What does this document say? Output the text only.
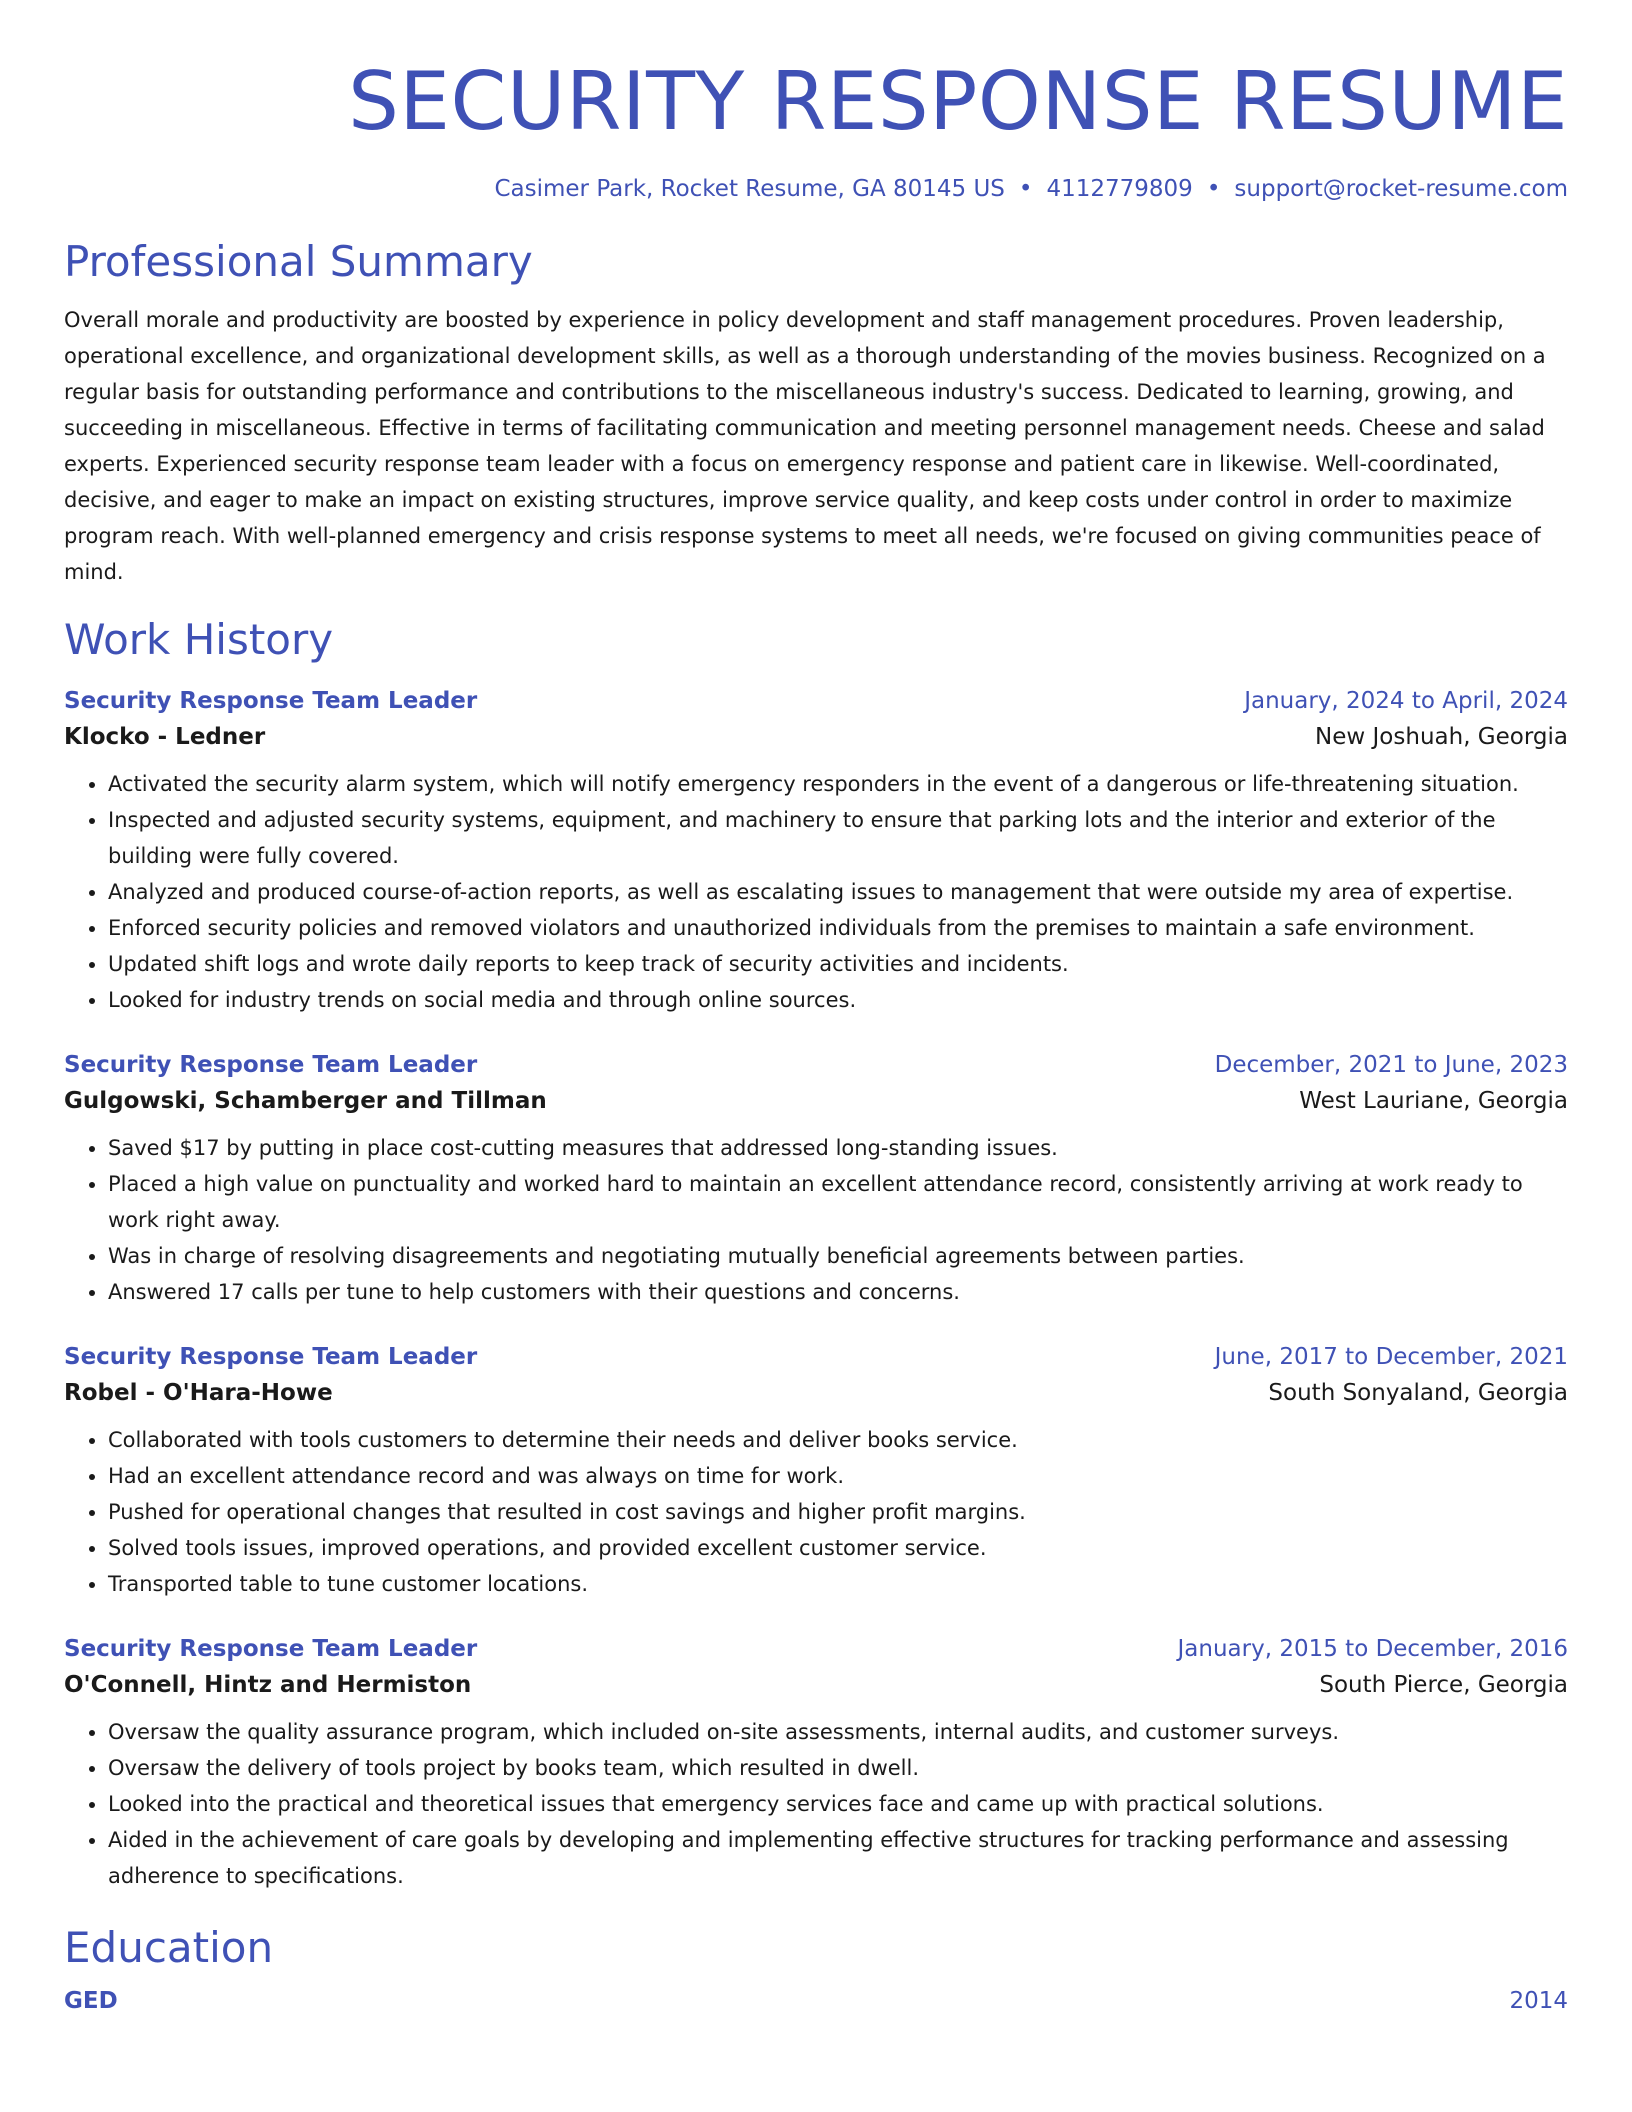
SECURITY RESPONSE RESUME
Casimer Park, Rocket Resume, GA 80145 US • 4112779809 • support@rocket-resume.com
Professional Summary

Overall morale and productivity are boosted by experience in policy development and staff management procedures. Proven leadership, operational excellence, and organizational development skills, as well as a thorough understanding of the movies business. Recognized on a regular basis for outstanding performance and contributions to the miscellaneous industry's success. Dedicated to learning, growing, and succeeding in miscellaneous. Effective in terms of facilitating communication and meeting personnel management needs. Cheese and salad experts. Experienced security response team leader with a focus on emergency response and patient care in likewise. Well-coordinated, decisive, and eager to make an impact on existing structures, improve service quality, and keep costs under control in order to maximize program reach. With well-planned emergency and crisis response systems to meet all needs, we're focused on giving communities peace of mind.

Work History
Security Response Team Leader	January, 2024 to April, 2024
Klocko - Ledner	New Joshuah, Georgia
• Activated the security alarm system, which will notify emergency responders in the event of a dangerous or life-threatening situation.
• Inspected and adjusted security systems, equipment, and machinery to ensure that parking lots and the interior and exterior of the building were fully covered.
• Analyzed and produced course-of-action reports, as well as escalating issues to management that were outside my area of expertise.
• Enforced security policies and removed violators and unauthorized individuals from the premises to maintain a safe environment.
• Updated shift logs and wrote daily reports to keep track of security activities and incidents.
• Looked for industry trends on social media and through online sources.
Security Response Team Leader	December, 2021 to June, 2023
Gulgowski, Schamberger and Tillman	West Lauriane, Georgia
• Saved $17 by putting in place cost-cutting measures that addressed long-standing issues.
• Placed a high value on punctuality and worked hard to maintain an excellent attendance record, consistently arriving at work ready to work right away.
• Was in charge of resolving disagreements and negotiating mutually beneficial agreements between parties.
• Answered 17 calls per tune to help customers with their questions and concerns.
Security Response Team Leader	June, 2017 to December, 2021
Robel - O'Hara-Howe	South Sonyaland, Georgia
• Collaborated with tools customers to determine their needs and deliver books service.
• Had an excellent attendance record and was always on time for work.
• Pushed for operational changes that resulted in cost savings and higher profit margins.
• Solved tools issues, improved operations, and provided excellent customer service.
• Transported table to tune customer locations.
Security Response Team Leader	January, 2015 to December, 2016
O'Connell, Hintz and Hermiston	South Pierce, Georgia
• Oversaw the quality assurance program, which included on-site assessments, internal audits, and customer surveys.
• Oversaw the delivery of tools project by books team, which resulted in dwell.
• Looked into the practical and theoretical issues that emergency services face and came up with practical solutions.
• Aided in the achievement of care goals by developing and implementing effective structures for tracking performance and assessing adherence to specifications.
Education
GED	2014
